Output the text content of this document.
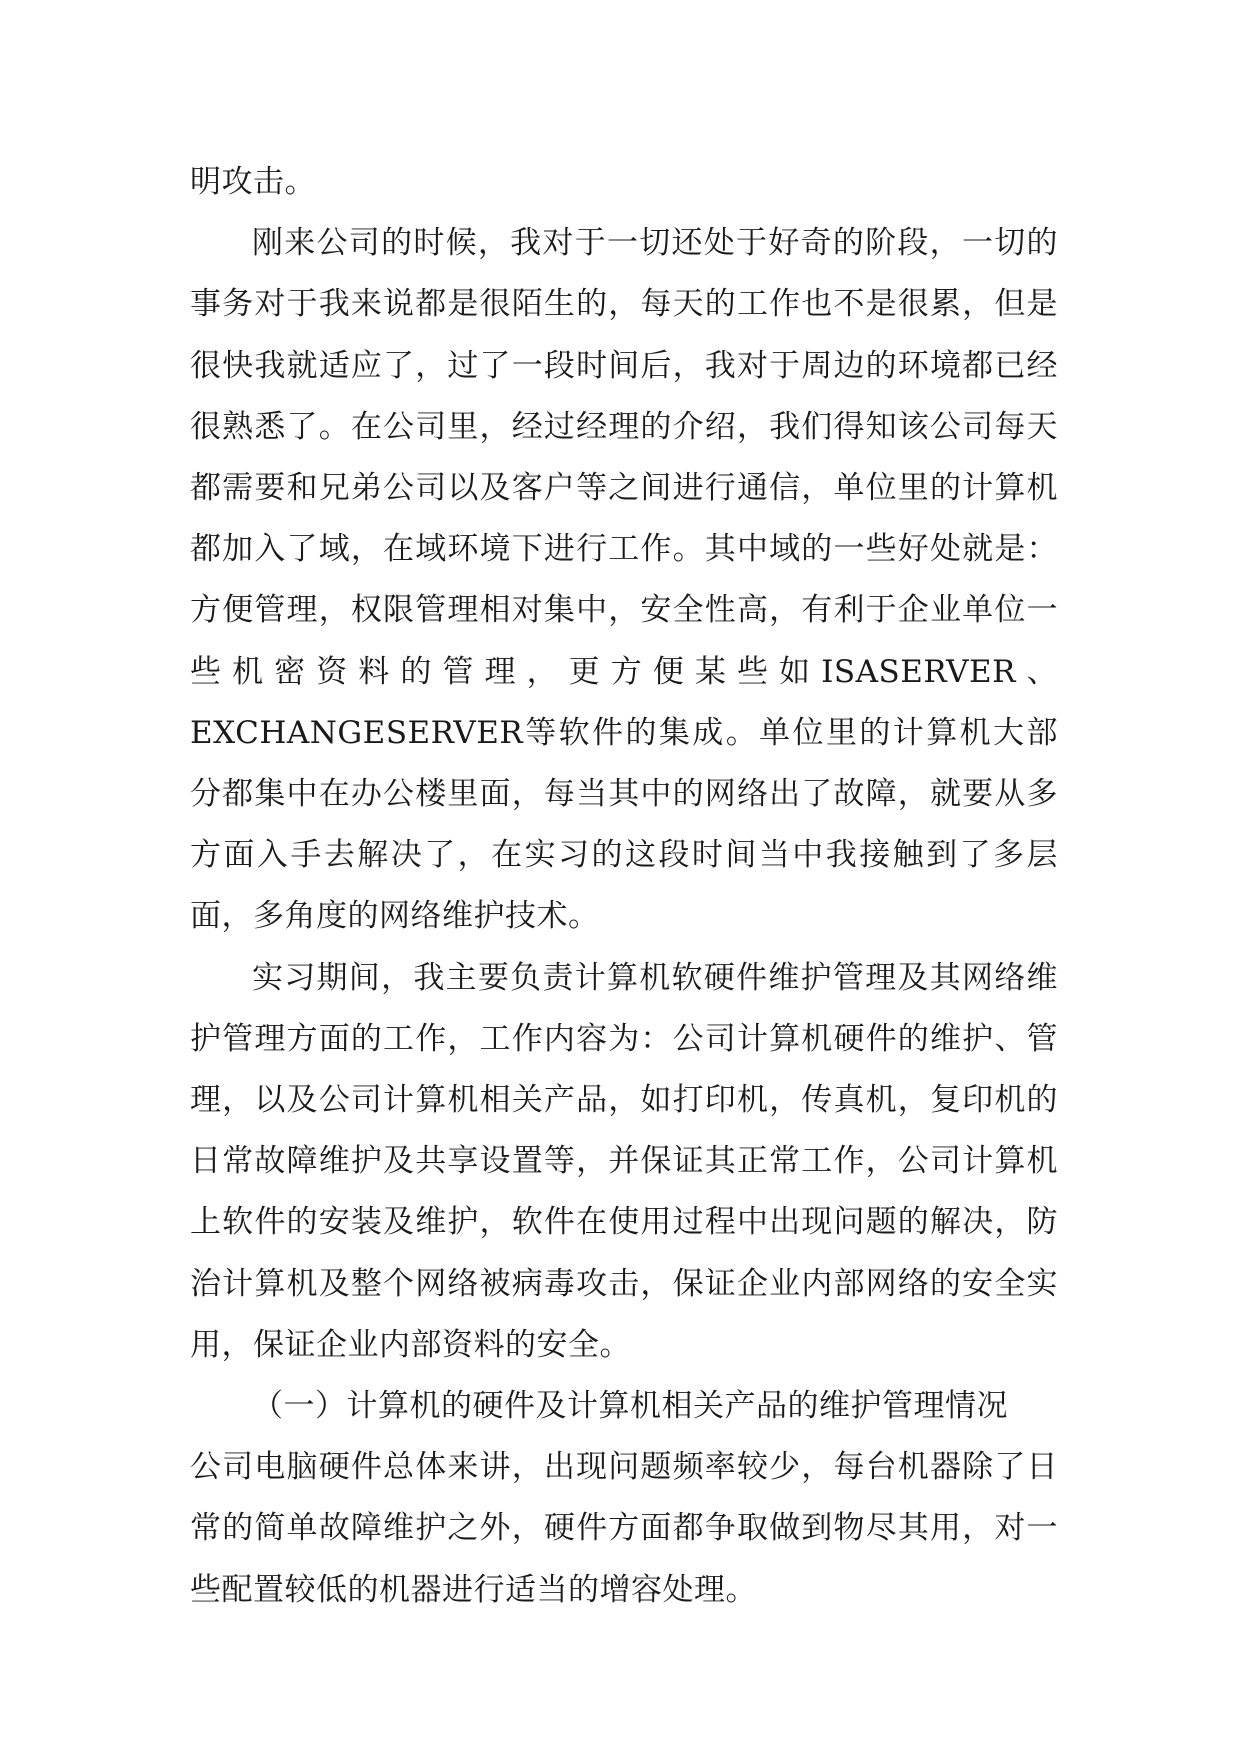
明攻击。

刚来公司的时候，我对于一切还处于好奇的阶段，一切的事务对于我来说都是很陌生的，每天的工作也不是很累，但是很快我就适应了，过了一段时间后，我对于周边的环境都已经很熟悉了。在公司里，经过经理的介绍，我们得知该公司每天都需要和兄弟公司以及客户等之间进行通信，单位里的计算机都加入了域，在域环境下进行工作。其中域的一些好处就是：方便管理，权限管理相对集中，安全性高，有利于企业单位一些机密资料的管理，更方便某些如ISASERVER、EXCHANGESERVER等软件的集成。单位里的计算机大部分都集中在办公楼里面，每当其中的网络出了故障，就要从多方面入手去解决了，在实习的这段时间当中我接触到了多层面，多角度的网络维护技术。

实习期间，我主要负责计算机软硬件维护管理及其网络维护管理方面的工作，工作内容为：公司计算机硬件的维护、管理，以及公司计算机相关产品，如打印机，传真机，复印机的日常故障维护及共享设置等，并保证其正常工作，公司计算机上软件的安装及维护，软件在使用过程中出现问题的解决，防治计算机及整个网络被病毒攻击，保证企业内部网络的安全实用，保证企业内部资料的安全。

（一）计算机的硬件及计算机相关产品的维护管理情况

公司电脑硬件总体来讲，出现问题频率较少，每台机器除了日常的简单故障维护之外，硬件方面都争取做到物尽其用，对一些配置较低的机器进行适当的增容处理。
